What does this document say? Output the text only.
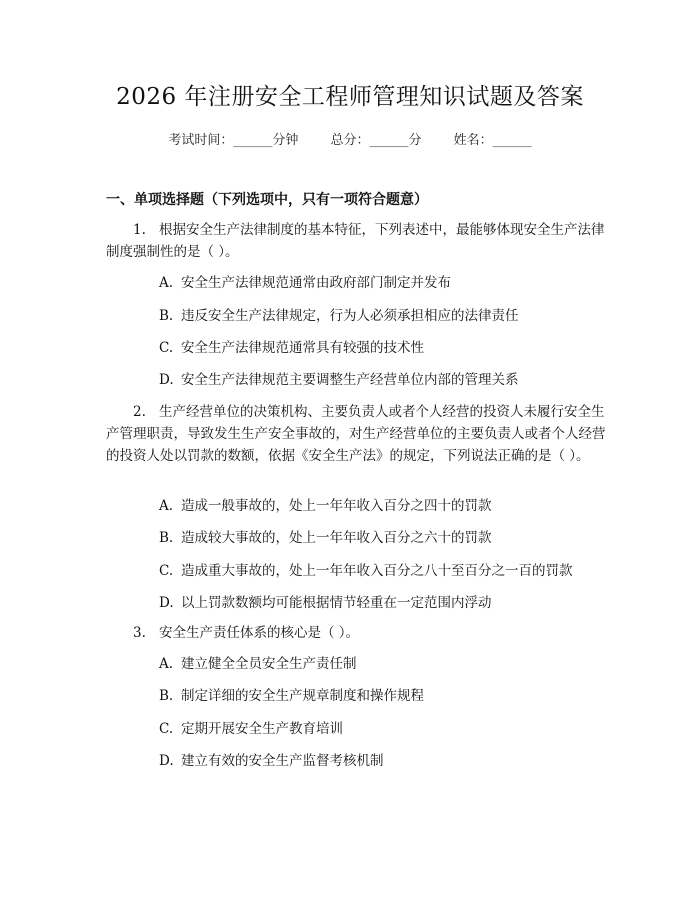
2026 年注册安全工程师管理知识试题及答案
考试时间：______分钟 总分：______分 姓名：______
一、单项选择题（下列选项中，只有一项符合题意）
1. 根据安全生产法律制度的基本特征，下列表述中，最能够体现安全生产法律制度强制性的是（ ）。
A. 安全生产法律规范通常由政府部门制定并发布
B. 违反安全生产法律规定，行为人必须承担相应的法律责任
C. 安全生产法律规范通常具有较强的技术性
D. 安全生产法律规范主要调整生产经营单位内部的管理关系
2. 生产经营单位的决策机构、主要负责人或者个人经营的投资人未履行安全生产管理职责，导致发生生产安全事故的，对生产经营单位的主要负责人或者个人经营的投资人处以罚款的数额，依据《安全生产法》的规定，下列说法正确的是（ ）。
A. 造成一般事故的，处上一年年收入百分之四十的罚款
B. 造成较大事故的，处上一年年收入百分之六十的罚款
C. 造成重大事故的，处上一年年收入百分之八十至百分之一百的罚款
D. 以上罚款数额均可能根据情节轻重在一定范围内浮动
3. 安全生产责任体系的核心是（ ）。
A. 建立健全全员安全生产责任制
B. 制定详细的安全生产规章制度和操作规程
C. 定期开展安全生产教育培训
D. 建立有效的安全生产监督考核机制
